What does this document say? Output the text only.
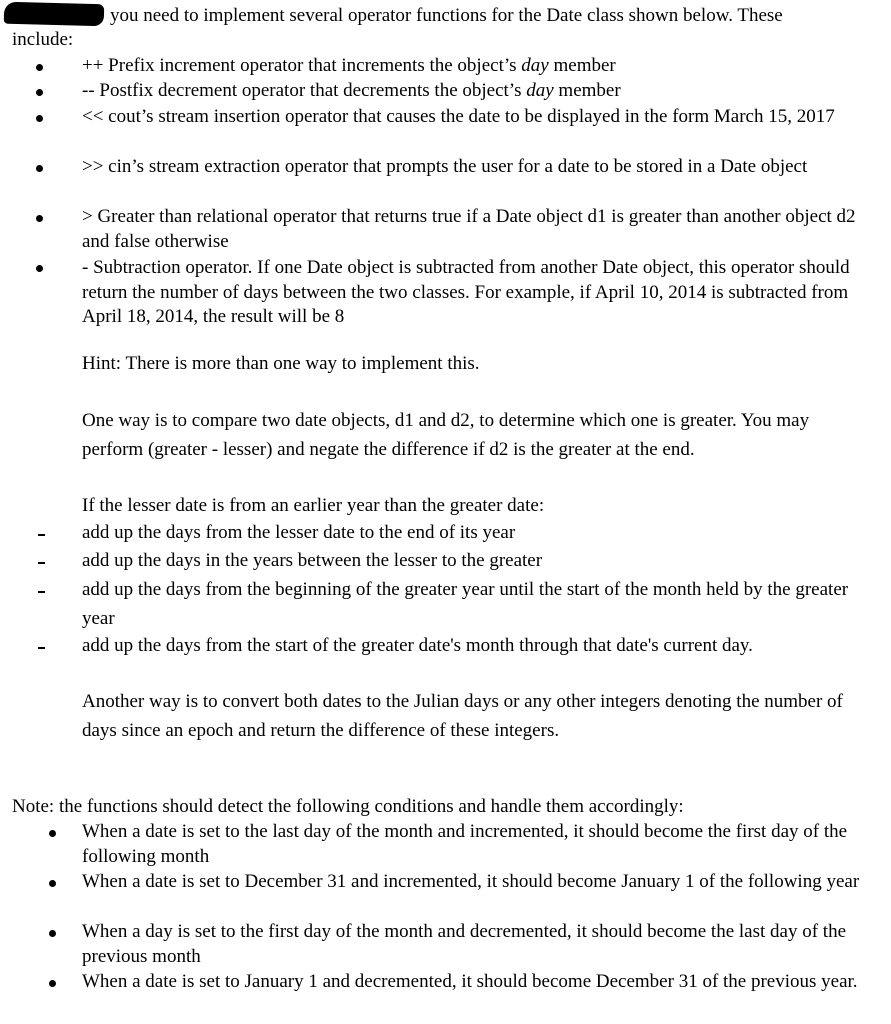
you need to implement several operator functions for the Date class shown below. These
include:
++ Prefix increment operator that increments the object’s day member
-- Postfix decrement operator that decrements the object’s day member
<< cout’s stream insertion operator that causes the date to be displayed in the form March 15, 2017
>> cin’s stream extraction operator that prompts the user for a date to be stored in a Date object
> Greater than relational operator that returns true if a Date object d1 is greater than another object d2 and false otherwise
- Subtraction operator. If one Date object is subtracted from another Date object, this operator should return the number of days between the two classes. For example, if April 10, 2014 is subtracted from April 18, 2014, the result will be 8
Hint: There is more than one way to implement this.
One way is to compare two date objects, d1 and d2, to determine which one is greater. You may perform (greater - lesser) and negate the difference if d2 is the greater at the end.
If the lesser date is from an earlier year than the greater date:
add up the days from the lesser date to the end of its year
add up the days in the years between the lesser to the greater
add up the days from the beginning of the greater year until the start of the month held by the greater year
add up the days from the start of the greater date's month through that date's current day.
Another way is to convert both dates to the Julian days or any other integers denoting the number of days since an epoch and return the difference of these integers.
Note: the functions should detect the following conditions and handle them accordingly:
When a date is set to the last day of the month and incremented, it should become the first day of the following month
When a date is set to December 31 and incremented, it should become January 1 of the following year
When a day is set to the first day of the month and decremented, it should become the last day of the previous month
When a date is set to January 1 and decremented, it should become December 31 of the previous year.
